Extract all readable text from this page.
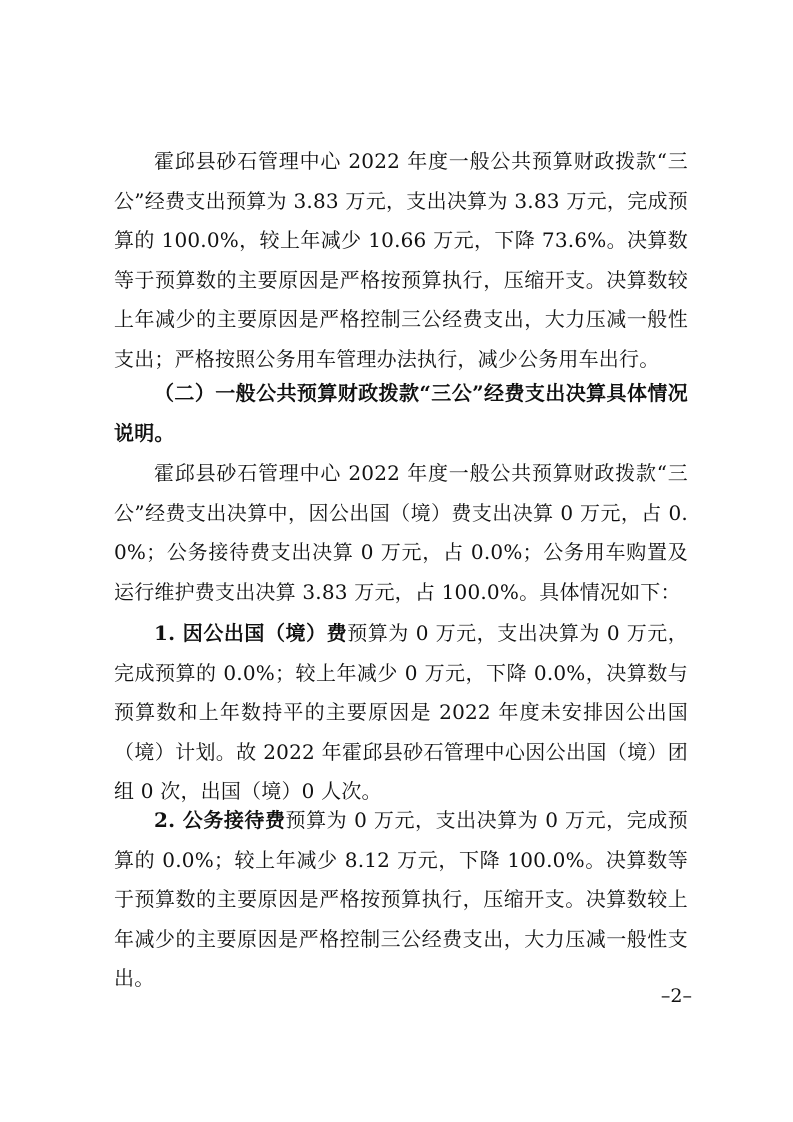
霍邱县砂石管理中心 2022 年度一般公共预算财政拨款“三公”经费支出预算为 3.83 万元，支出决算为 3.83 万元，完成预算的 100.0%，较上年减少 10.66 万元，下降 73.6%。决算数等于预算数的主要原因是严格按预算执行，压缩开支。决算数较上年减少的主要原因是严格控制三公经费支出，大力压减一般性支出；严格按照公务用车管理办法执行，减少公务用车出行。

（二）一般公共预算财政拨款“三公”经费支出决算具体情况说明。

霍邱县砂石管理中心 2022 年度一般公共预算财政拨款“三公”经费支出决算中，因公出国（境）费支出决算 0 万元，占 0.0%；公务接待费支出决算 0 万元，占 0.0%；公务用车购置及运行维护费支出决算 3.83 万元，占 100.0%。具体情况如下：

1. 因公出国（境）费预算为 0 万元，支出决算为 0 万元，完成预算的 0.0%；较上年减少 0 万元，下降 0.0%，决算数与预算数和上年数持平的主要原因是 2022 年度未安排因公出国（境）计划。故 2022 年霍邱县砂石管理中心因公出国（境）团组 0 次，出国（境）0 人次。

2. 公务接待费预算为 0 万元，支出决算为 0 万元，完成预算的 0.0%；较上年减少 8.12 万元，下降 100.0%。决算数等于预算数的主要原因是严格按预算执行，压缩开支。决算数较上年减少的主要原因是严格控制三公经费支出，大力压减一般性支出。

–2–
